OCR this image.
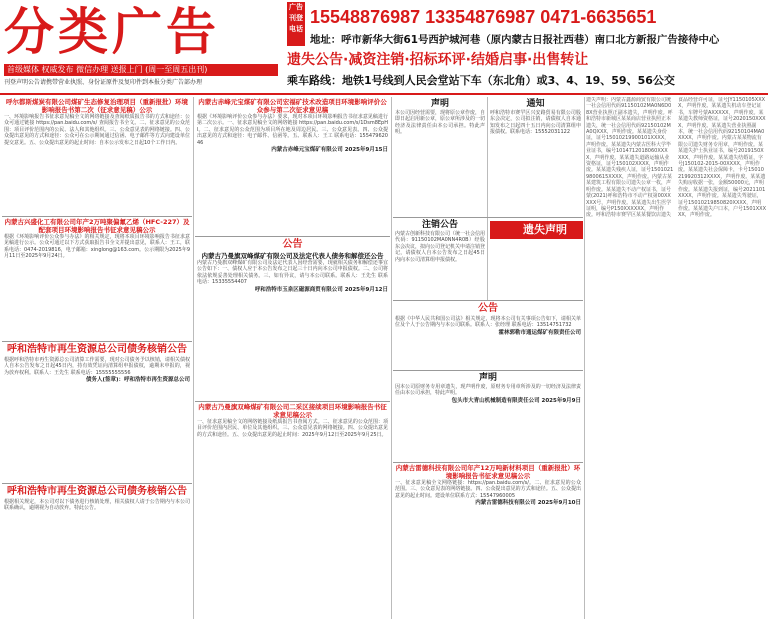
分类广告
首级媒体 权威发布 微信办理 送报上门 (周一至周五出刊)
刊登声明公告请携带营业执照、身份证原件及复印件到本报分类广告部办理
广告刊登电话
15548876987 13354876987 0471-6635651
地址：呼市新华大街61号西护城河巷（原内蒙古日报社西巷）南口北方新报广告接待中心
遗失公告·减资注销·招标环评·结婚启事·出售转让
乘车路线：地铁1号线到人民会堂站下车（东北角）或3、4、19、59、56公交
呼尔都斯煤炭有限公司煤矿生态修复治理项目（重新报批）环境影响报告书第二次（征求意见稿）公示
一、环境影响报告书征求意见稿全文的网络链接及查阅纸质报告书的方式和途径：公众可通过链接 https://pan.baidu.com/s/ 查阅报告书全文。二、征求意见的公众范围：项目评价范围内的公民、法人和其他组织。三、公众意见表的网络链接。四、公众提出意见的方式和途径：公众可在公示期间通过信函、电子邮件等方式向建设单位提交意见。五、公众提出意见的起止时间：自本公示发布之日起10个工作日内。
内蒙古兴盛化工有限公司年产2万吨聚偏氟乙烯（HFC-227）及配套项目环境影响报告书征求意见稿公示
根据《环境影响评价公众参与办法》的相关规定，现将本项目环境影响报告书征求意见稿进行公示。公众可通过以下方式获取报告书全文并提出意见，联系人：王工，联系电话：0474-2019816，电子邮箱：xinglong@163.com。公示期限为2025年9月11日至2025年9月24日。
呼和浩特市再生资源总公司债务核销公告
根据呼和浩特市再生资源总公司清算工作需要，现对公司债务予以核销，请相关债权人自本公告发布之日起45日内，持有效凭证向清算组申报债权，逾期未申报的，视为放弃权利。联系人：王先生 联系电话：15555555556
债务人(签章)：呼和浩特市再生资源总公司
呼和浩特市再生资源总公司债务核销公告
根据相关规定，本公司对以下债务进行核销处理，相关债权人请于公告期内与本公司联系确认，逾期视为自动放弃。特此公告。
内蒙古赤峰元宝煤矿有限公司宏福矿技术改造项目环境影响评价公众参与第二次征求意见稿
根据《环境影响评价公众参与办法》要求，现对本项目环境影响报告书征求意见稿进行第二次公示。一、征求意见稿全文的网络链接 https://pan.baidu.com/s/1Dsm8EpHl。二、征求意见的公众范围为项目所在地及周边居民。三、公众意见表。四、公众提出意见的方式和途径：电子邮件、信函等。五、联系人：王工 联系电话：15547962046
内蒙古赤峰元宝煤矿有限公司 2025年9月15日
公告
内蒙古乃曼旗双峰煤矿有限公司及法定代表人债务和解偿还公告
内蒙古乃曼旗双峰煤矿有限公司及法定代表人因经营需要，现就相关债务和解偿还事宜公告如下：一、债权人应于本公告发布之日起三十日内向本公司申报债权。二、公司将依法依规妥善处理相关债务。三、如有异议，请与本公司联系。联系人：王先生 联系电话：15335554407
呼和浩特市玉泉区磁源商贸有限公司 2025年9月12日
内蒙古乃曼旗双峰煤矿有限公司二采区接续项目环境影响报告书征求意见稿公示
一、征求意见稿全文的网络链接及纸质报告书查阅方式。二、征求意见的公众范围：项目评价范围内居民、单位及其他组织。三、公众意见表的网络链接。四、公众提出意见的方式和途径。五、公众提出意见的起止时间：2025年9月12日至2025年9月25日。
声明
本公司因经营需要，现将原公章作废，自即日起启用新公章，原公章所涉及的一切经济及法律责任由本公司承担。特此声明。
通知
呼和浩特市赛罕区兴安路贸易有限公司股东会决定，公司拟注销，请债权人自本通知发布之日起四十五日内向公司清算组申报债权。联系电话：15552031122
注销公告
内蒙古创新科技有限公司（统一社会信用代码：91150102MA0NN4R0B）经股东会决议，拟向公司登记机关申请注销登记，请债权人自本公告发布之日起45日内向本公司清算组申报债权。
遗失声明
公告
根据《中华人民共和国公司法》相关规定，现将本公司有关事项公告如下，请相关单位及个人于公告期内与本公司联系。联系人：张经理 联系电话：13514751732
霍林郭勒市通运煤矿有限责任公司
声明
因本公司原财务专用章遗失，现声明作废，原财务专用章所涉及的一切经济及法律责任由本公司承担，特此声明。
包头市大青山机械制造有限责任公司 2025年9月9日
内蒙古雷德科技有限公司年产12万吨新材料项目（重新报批）环境影响报告书征求意见稿公示
一、征求意见稿全文网络链接：https://pan.baidu.com/s/。二、征求意见的公众范围。三、公众意见表的网络链接。四、公众提出意见的方式和途径。五、公众提出意见的起止时间。建设单位联系方式：15547960005
内蒙古雷德科技有限公司 2025年9月10日
遗失声明：内蒙古鑫源商贸有限公司统一社会信用代码91150102MA0N6D08X营业执照正副本遗失，声明作废。呼和浩特市新城区某某商店营业执照正本遗失，统一社会信用代码92150102MA0QXXX，声明作废。某某遗失身份证，证号15010219900101XXXX，声明作废。某某遗失内蒙古医科大学毕业证书，编号1014712018060XXXX，声明作废。某某遗失道路运输从业资格证，证号150102XXXX，声明作废。某某遗失残疾人证，证号15010219800615XXXX，声明作废。内蒙古某某建筑工程有限公司遗失公章一枚，声明作废。某某遗失不动产权证书，证号蒙(2021)呼和浩特市不动产权第00XXXXX号，声明作废。某某遗失出生医学证明，编号P150XXXXXX，声明作废。呼和浩特市赛罕区某某餐饮店遗失食品经营许可证，证号JY1150105XXXX，声明作废。某某遗失机动车登记证书，车牌号蒙AXXXXX，声明作废。某某遗失教师资格证，证号2020150XXXX，声明作废。某某遗失营业执照副本，统一社会信用代码92150104MA0XXXX，声明作废。内蒙古某某物流有限公司遗失财务专用章，声明作废。某某遗失护士执业证书，编号2019150XXXX，声明作废。某某遗失结婚证，字号J150102-2015-00XXXX，声明作废。某某遗失社会保障卡，卡号15010219920312XXXX，声明作废。某某遗失购房收据一张，金额50000元，声明作废。某某遗失报到证，编号2021101XXXX，声明作废。某某遗失驾驶证，证号15010219850820XXXX，声明作废。某某遗失户口本，户号1501XXXXX，声明作废。
